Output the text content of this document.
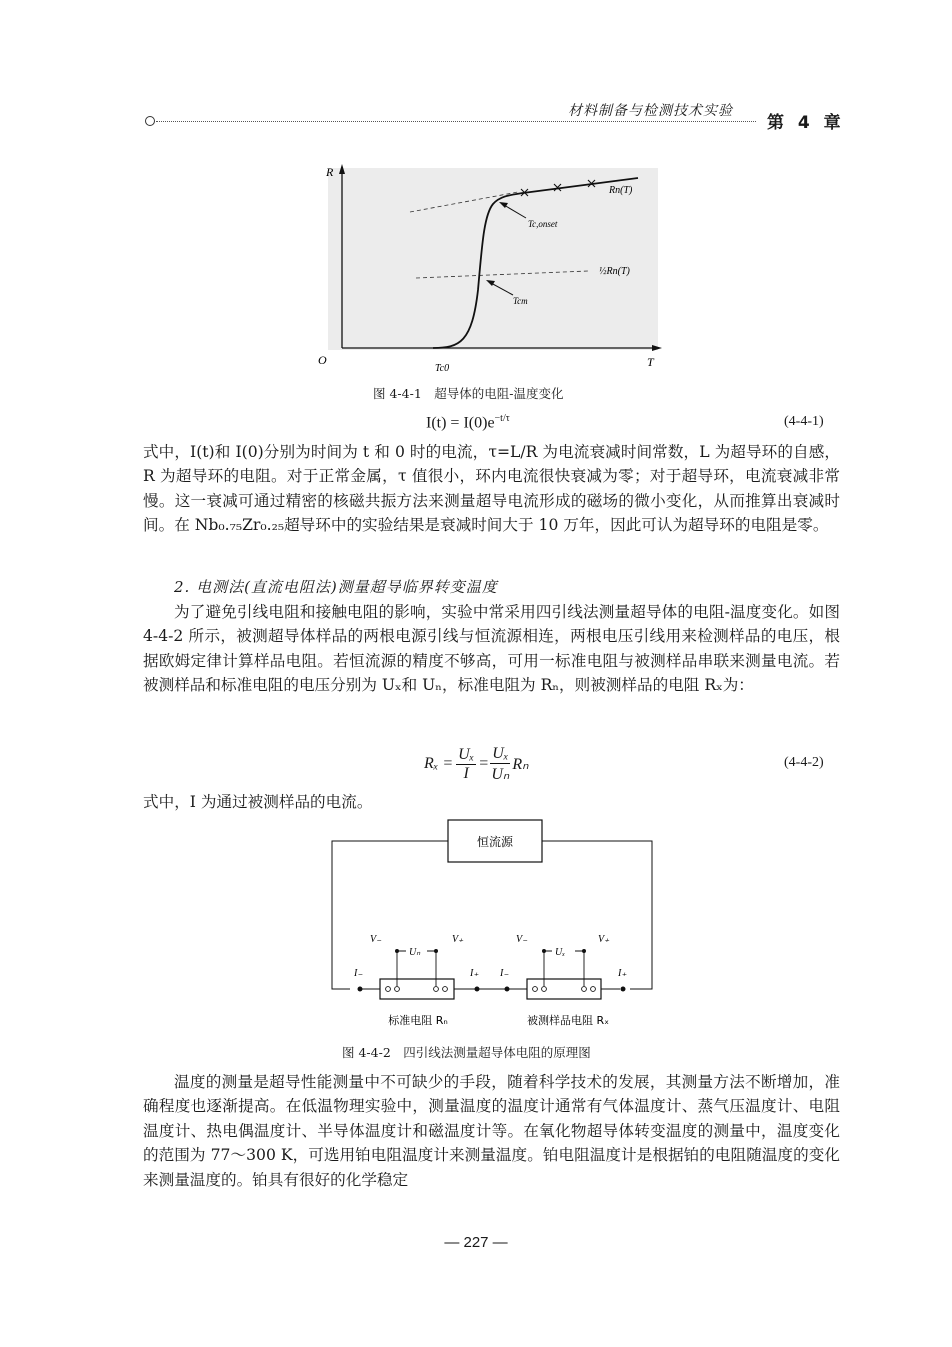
材料制备与检测技术实验
第 4 章
R
T
O
Rn(T)
½Rn(T)
Tc,onset
Tcm
Tc0
图 4-4-1　超导体的电阻-温度变化
$I(t) = I(0)e^{-t/\tau}$	(4-4-1)
式中，I(t)和 I(0)分别为时间为 t 和 0 时的电流，τ=L/R 为电流衰减时间常数，L 为超导环的自感，R 为超导环的电阻。对于正常金属，τ 值很小，环内电流很快衰减为零；对于超导环，电流衰减非常慢。这一衰减可通过精密的核磁共振方法来测量超导电流形成的磁场的微小变化，从而推算出衰减时间。在 Nb₀.₇₅Zr₀.₂₅超导环中的实验结果是衰减时间大于 10 万年，因此可认为超导环的电阻是零。
2. 电测法(直流电阻法)测量超导临界转变温度
为了避免引线电阻和接触电阻的影响，实验中常采用四引线法测量超导体的电阻-温度变化。如图 4-4-2 所示，被测超导体样品的两根电源引线与恒流源相连，两根电压引线用来检测样品的电压，根据欧姆定律计算样品电阻。若恒流源的精度不够高，可用一标准电阻与被测样品串联来测量电流。若被测样品和标准电阻的电压分别为 Uₓ和 Uₙ，标准电阻为 Rₙ，则被测样品的电阻 Rₓ为：
$R_x = \frac{\text{Uₓ}}{I} = \frac{\text{Uₓ}}{\text{Uₙ}}$ Rₙ	(4-4-2)
式中，I 为通过被测样品的电流。
恒流源
V₋
Uₙ
V₊	V₋
Uₓ
V₊
I₋	I₊ I₋	I₊
标准电阻 Rₙ	被测样品电阻 Rₓ
图 4-4-2　四引线法测量超导体电阻的原理图
温度的测量是超导性能测量中不可缺少的手段，随着科学技术的发展，其测量方法不断增加，准确程度也逐渐提高。在低温物理实验中，测量温度的温度计通常有气体温度计、蒸气压温度计、电阻温度计、热电偶温度计、半导体温度计和磁温度计等。在氧化物超导体转变温度的测量中，温度变化的范围为 77～300 K，可选用铂电阻温度计来测量温度。铂电阻温度计是根据铂的电阻随温度的变化来测量温度的。铂具有很好的化学稳定
— 227 —
